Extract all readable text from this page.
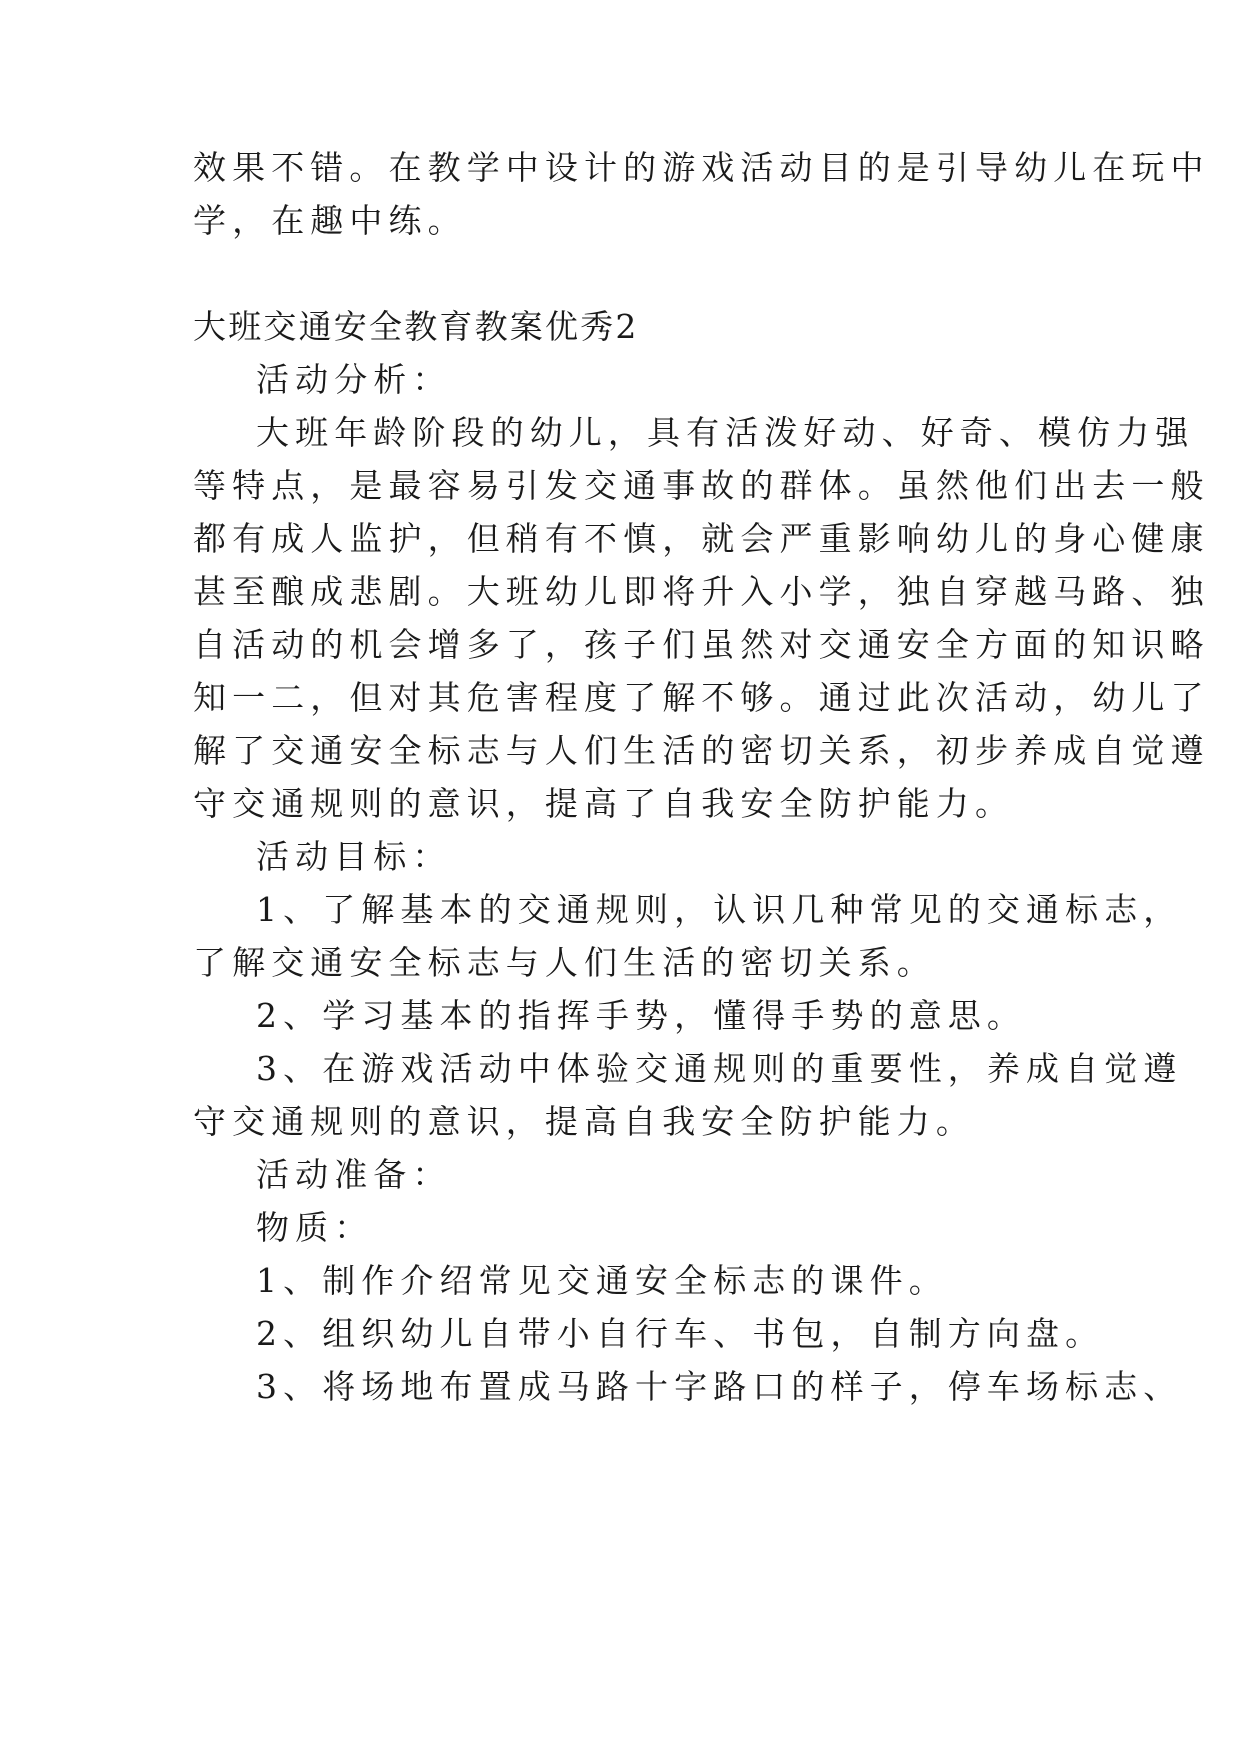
效果不错。在教学中设计的游戏活动目的是引导幼儿在玩中

学，在趣中练。

大班交通安全教育教案优秀2

活动分析：

大班年龄阶段的幼儿，具有活泼好动、好奇、模仿力强

等特点，是最容易引发交通事故的群体。虽然他们出去一般

都有成人监护，但稍有不慎，就会严重影响幼儿的身心健康

甚至酿成悲剧。大班幼儿即将升入小学，独自穿越马路、独

自活动的机会增多了，孩子们虽然对交通安全方面的知识略

知一二，但对其危害程度了解不够。通过此次活动，幼儿了

解了交通安全标志与人们生活的密切关系，初步养成自觉遵

守交通规则的意识，提高了自我安全防护能力。

活动目标：

1、了解基本的交通规则，认识几种常见的交通标志，

了解交通安全标志与人们生活的密切关系。

2、学习基本的指挥手势，懂得手势的意思。

3、在游戏活动中体验交通规则的重要性，养成自觉遵

守交通规则的意识，提高自我安全防护能力。

活动准备：

物质：

1、制作介绍常见交通安全标志的课件。

2、组织幼儿自带小自行车、书包，自制方向盘。

3、将场地布置成马路十字路口的样子，停车场标志、
